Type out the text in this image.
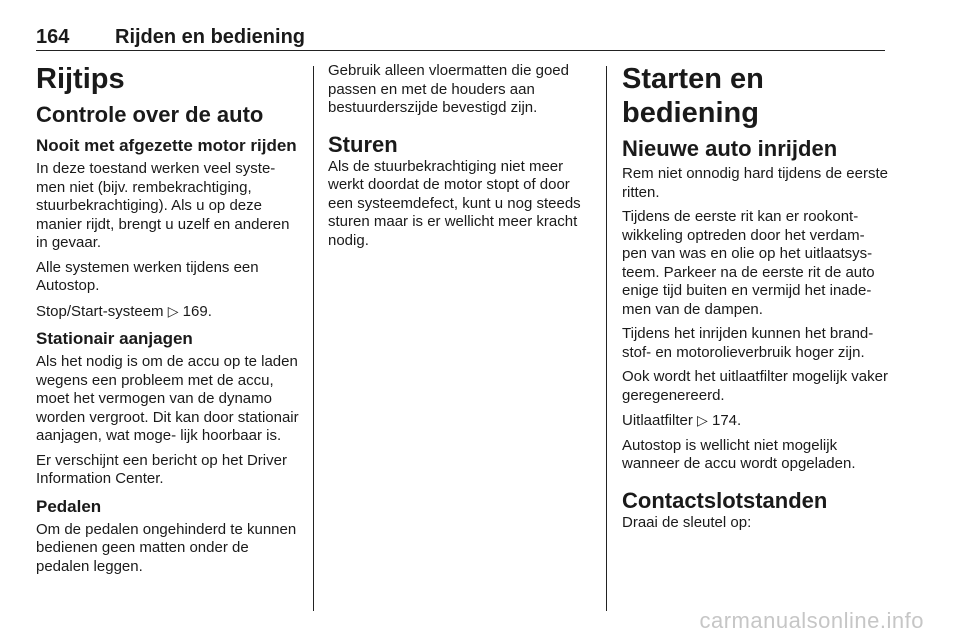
164 Rijden en bediening
Rijtips
Controle over de auto
Nooit met afgezette motor rijden

In deze toestand werken veel syste- men niet (bijv. rembekrachtiging, stuurbekrachtiging). Als u op deze manier rijdt, brengt u uzelf en anderen in gevaar.

Alle systemen werken tijdens een Autostop.

Stop/Start-systeem ▷ 169.

Stationair aanjagen

Als het nodig is om de accu op te laden wegens een probleem met de accu, moet het vermogen van de dynamo worden vergroot. Dit kan door stationair aanjagen, wat moge- lijk hoorbaar is.

Er verschijnt een bericht op het Driver Information Center.

Pedalen

Om de pedalen ongehinderd te kunnen bedienen geen matten onder de pedalen leggen.

Gebruik alleen vloermatten die goed passen en met de houders aan bestuurderszijde bevestigd zijn.

Sturen

Als de stuurbekrachtiging niet meer werkt doordat de motor stopt of door een systeemdefect, kunt u nog steeds sturen maar is er wellicht meer kracht nodig.

Starten en bediening
Nieuwe auto inrijden

Rem niet onnodig hard tijdens de eerste ritten.

Tijdens de eerste rit kan er rookont- wikkeling optreden door het verdam- pen van was en olie op het uitlaatsys- teem. Parkeer na de eerste rit de auto enige tijd buiten en vermijd het inade- men van de dampen.

Tijdens het inrijden kunnen het brand- stof- en motorolieverbruik hoger zijn.

Ook wordt het uitlaatfilter mogelijk vaker geregenereerd.

Uitlaatfilter ▷ 174.

Autostop is wellicht niet mogelijk wanneer de accu wordt opgeladen.

Contactslotstanden

Draai de sleutel op:

carmanualsonline.info
